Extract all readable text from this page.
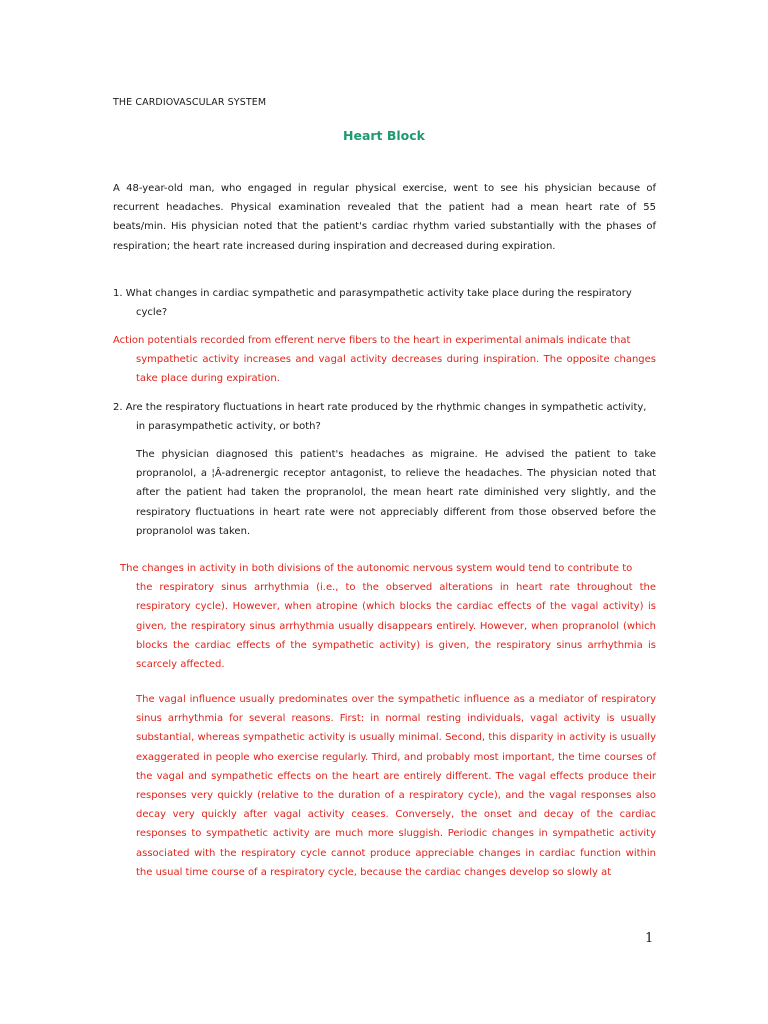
THE CARDIOVASCULAR SYSTEM
Heart Block

A 48-year-old man, who engaged in regular physical exercise, went to see his physician because of recurrent headaches. Physical examination revealed that the patient had a mean heart rate of 55 beats/min. His physician noted that the patient's cardiac rhythm varied substantially with the phases of respiration; the heart rate increased during inspiration and decreased during expiration.

1. What changes in cardiac sympathetic and parasympathetic activity take place during the respiratory
cycle?

Action potentials recorded from efferent nerve fibers to the heart in experimental animals indicate that
sympathetic activity increases and vagal activity decreases during inspiration. The opposite changes take place during expiration.

2. Are the respiratory fluctuations in heart rate produced by the rhythmic changes in sympathetic activity,
in parasympathetic activity, or both?

The physician diagnosed this patient's headaches as migraine. He advised the patient to take propranolol, a ¦Â-adrenergic receptor antagonist, to relieve the headaches. The physician noted that after the patient had taken the propranolol, the mean heart rate diminished very slightly, and the respiratory fluctuations in heart rate were not appreciably different from those observed before the propranolol was taken.

The changes in activity in both divisions of the autonomic nervous system would tend to contribute to
the respiratory sinus arrhythmia (i.e., to the observed alterations in heart rate throughout the respiratory cycle). However, when atropine (which blocks the cardiac effects of the vagal activity) is given, the respiratory sinus arrhythmia usually disappears entirely. However, when propranolol (which blocks the cardiac effects of the sympathetic activity) is given, the respiratory sinus arrhythmia is scarcely affected.

The vagal influence usually predominates over the sympathetic influence as a mediator of respiratory sinus arrhythmia for several reasons. First: in normal resting individuals, vagal activity is usually substantial, whereas sympathetic activity is usually minimal. Second, this disparity in activity is usually exaggerated in people who exercise regularly. Third, and probably most important, the time courses of the vagal and sympathetic effects on the heart are entirely different. The vagal effects produce their responses very quickly (relative to the duration of a respiratory cycle), and the vagal responses also decay very quickly after vagal activity ceases. Conversely, the onset and decay of the cardiac responses to sympathetic activity are much more sluggish. Periodic changes in sympathetic activity associated with the respiratory cycle cannot produce appreciable changes in cardiac function within the usual time course of a respiratory cycle, because the cardiac changes develop so slowly at

1
